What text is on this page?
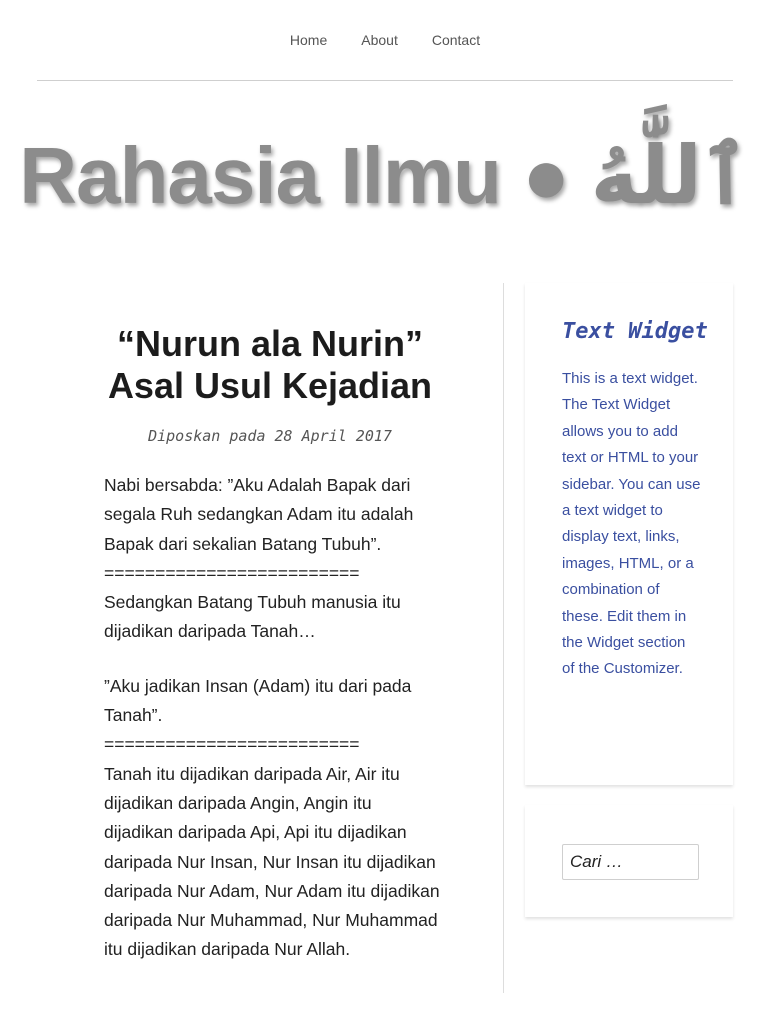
Home About Contact
Rahasia Ilmu ● ٱللَّٰهُ
“Nurun ala Nurin”
Asal Usul Kejadian
Diposkan pada 28 April 2017

Nabi bersabda: ”Aku Adalah Bapak dari
segala Ruh sedangkan Adam itu adalah
Bapak dari sekalian Batang Tubuh”.
=========================
Sedangkan Batang Tubuh manusia itu
dijadikan daripada Tanah…

”Aku jadikan Insan (Adam) itu dari pada
Tanah”.
=========================
Tanah itu dijadikan daripada Air, Air itu
dijadikan daripada Angin, Angin itu
dijadikan daripada Api, Api itu dijadikan
daripada Nur Insan, Nur Insan itu dijadikan
daripada Nur Adam, Nur Adam itu dijadikan
daripada Nur Muhammad, Nur Muhammad
itu dijadikan daripada Nur Allah.

Text Widget
This is a text widget. The Text Widget allows you to add text or HTML to your sidebar. You can use a text widget to display text, links, images, HTML, or a combination of these. Edit them in the Widget section of the Customizer.
Cari …
